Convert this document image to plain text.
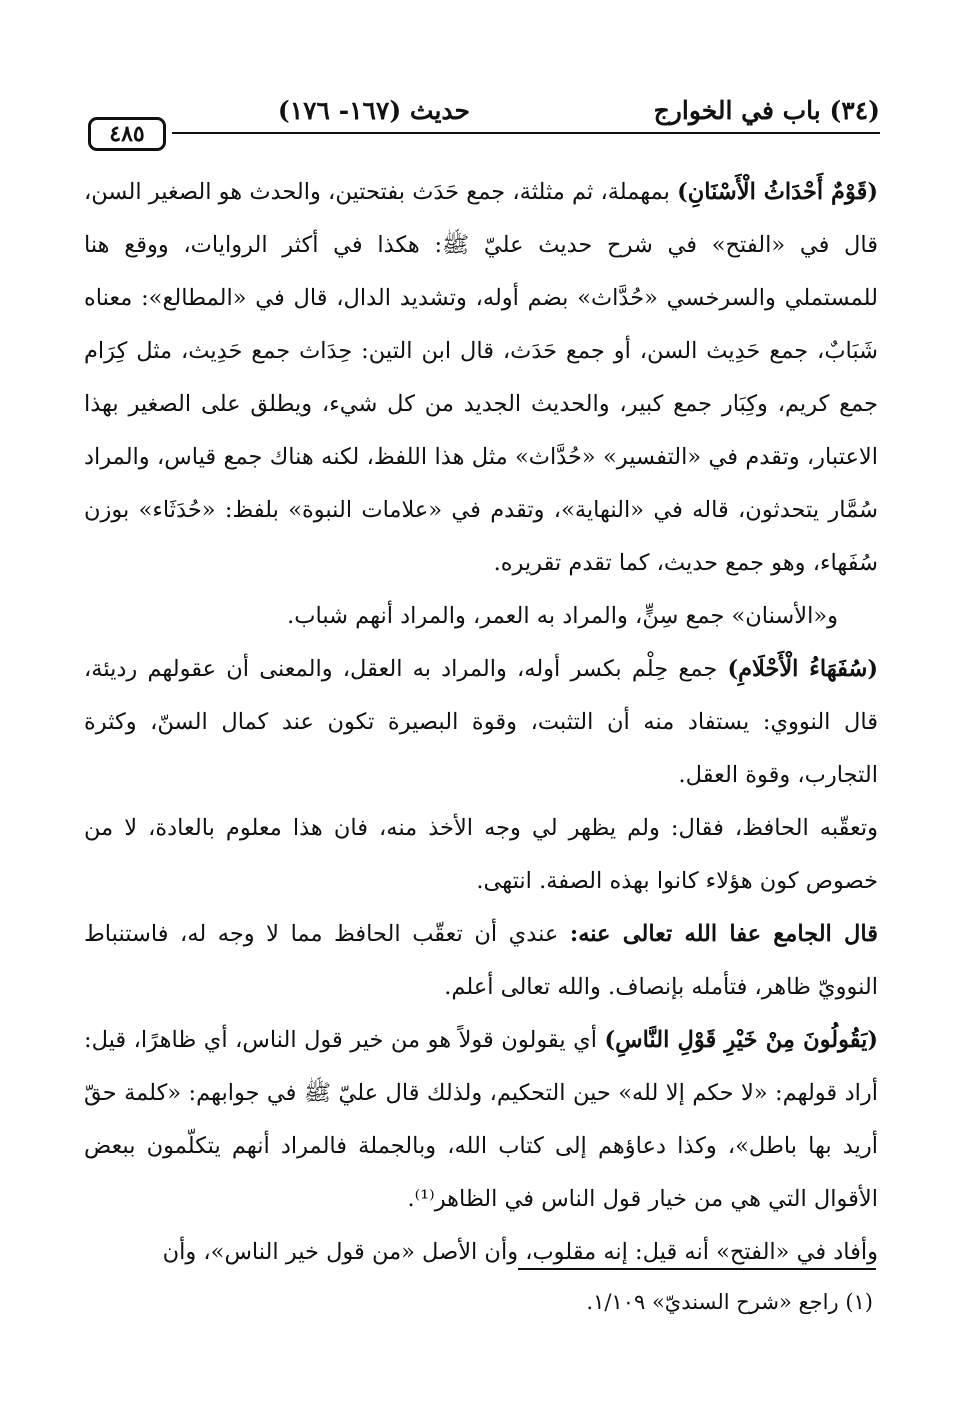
(٣٤) باب في الخوارج
حديث (١٦٧- ١٧٦)
٤٨٥

(قَوْمٌ أَحْدَاثُ الْأَسْنَانِ) بمهملة، ثم مثلثة، جمع حَدَث بفتحتين، والحدث هو الصغير السن، قال في «الفتح» في شرح حديث عليّ ﷺ: هكذا في أكثر الروايات، ووقع هنا للمستملي والسرخسي «حُدَّاث» بضم أوله، وتشديد الدال، قال في «المطالع»: معناه شَبَابٌ، جمع حَدِيث السن، أو جمع حَدَث، قال ابن التين: حِدَاث جمع حَدِيث، مثل كِرَام جمع كريم، وكِبَار جمع كبير، والحديث الجديد من كل شيء، ويطلق على الصغير بهذا الاعتبار، وتقدم في «التفسير» «حُدَّاث» مثل هذا اللفظ، لكنه هناك جمع قياس، والمراد سُمَّار يتحدثون، قاله في «النهاية»، وتقدم في «علامات النبوة» بلفظ: «حُدَثَاء» بوزن سُفَهاء، وهو جمع حديث، كما تقدم تقريره.

و«الأسنان» جمع سِنٍّ، والمراد به العمر، والمراد أنهم شباب.

(سُفَهَاءُ الْأَحْلَامِ) جمع حِلْم بكسر أوله، والمراد به العقل، والمعنى أن عقولهم رديئة، قال النووي: يستفاد منه أن التثبت، وقوة البصيرة تكون عند كمال السنّ، وكثرة التجارب، وقوة العقل.

وتعقّبه الحافظ، فقال: ولم يظهر لي وجه الأخذ منه، فان هذا معلوم بالعادة، لا من خصوص كون هؤلاء كانوا بهذه الصفة. انتهى.

قال الجامع عفا الله تعالى عنه: عندي أن تعقّب الحافظ مما لا وجه له، فاستنباط النوويّ ظاهر، فتأمله بإنصاف. والله تعالى أعلم.

(يَقُولُونَ مِنْ خَيْرِ قَوْلِ النَّاسِ) أي يقولون قولاً هو من خير قول الناس، أي ظاهرًا، قيل: أراد قولهم: «لا حكم إلا لله» حين التحكيم، ولذلك قال عليّ ﷺ في جوابهم: «كلمة حقّ أريد بها باطل»، وكذا دعاؤهم إلى كتاب الله، وبالجملة فالمراد أنهم يتكلّمون ببعض الأقوال التي هي من خيار قول الناس في الظاهر⁽¹⁾.

وأفاد في «الفتح» أنه قيل: إنه مقلوب، وأن الأصل «من قول خير الناس»، وأن

(١) راجع «شرح السنديّ» ١/١٠٩.
